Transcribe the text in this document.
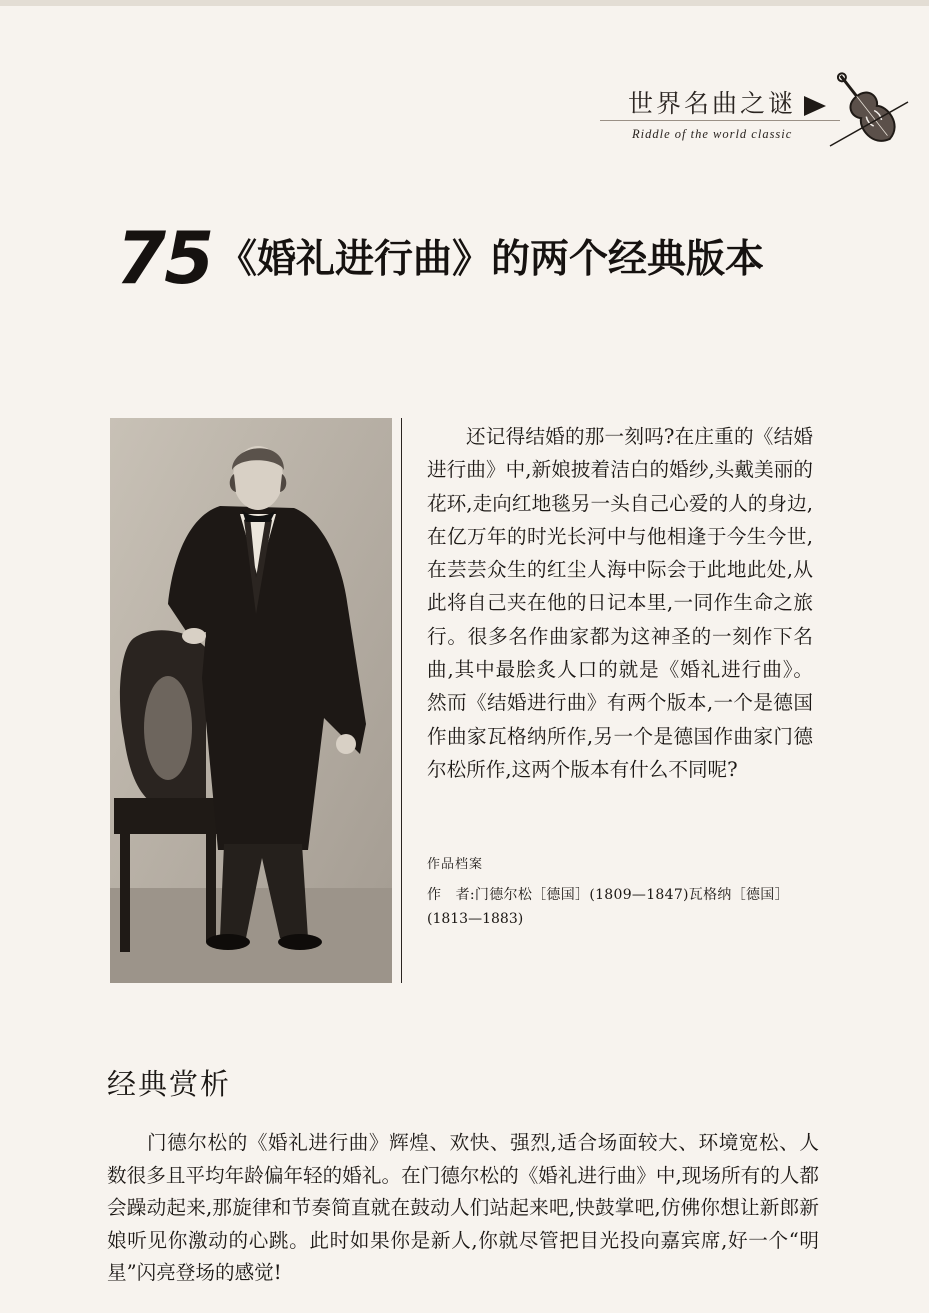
世界名曲之谜
Riddle of the world classic
75 《婚礼进行曲》的两个经典版本

还记得结婚的那一刻吗?在庄重的《结婚进行曲》中,新娘披着洁白的婚纱,头戴美丽的花环,走向红地毯另一头自己心爱的人的身边,在亿万年的时光长河中与他相逢于今生今世,在芸芸众生的红尘人海中际会于此地此处,从此将自己夹在他的日记本里,一同作生命之旅行。很多名作曲家都为这神圣的一刻作下名曲,其中最脍炙人口的就是《婚礼进行曲》。然而《结婚进行曲》有两个版本,一个是德国作曲家瓦格纳所作,另一个是德国作曲家门德尔松所作,这两个版本有什么不同呢?

作品档案
作　者:门德尔松［德国］(1809—1847)瓦格纳［德国］
(1813—1883)
经典赏析

门德尔松的《婚礼进行曲》辉煌、欢快、强烈,适合场面较大、环境宽松、人数很多且平均年龄偏年轻的婚礼。在门德尔松的《婚礼进行曲》中,现场所有的人都会躁动起来,那旋律和节奏简直就在鼓动人们站起来吧,快鼓掌吧,仿佛你想让新郎新娘听见你激动的心跳。此时如果你是新人,你就尽管把目光投向嘉宾席,好一个“明星”闪亮登场的感觉!
